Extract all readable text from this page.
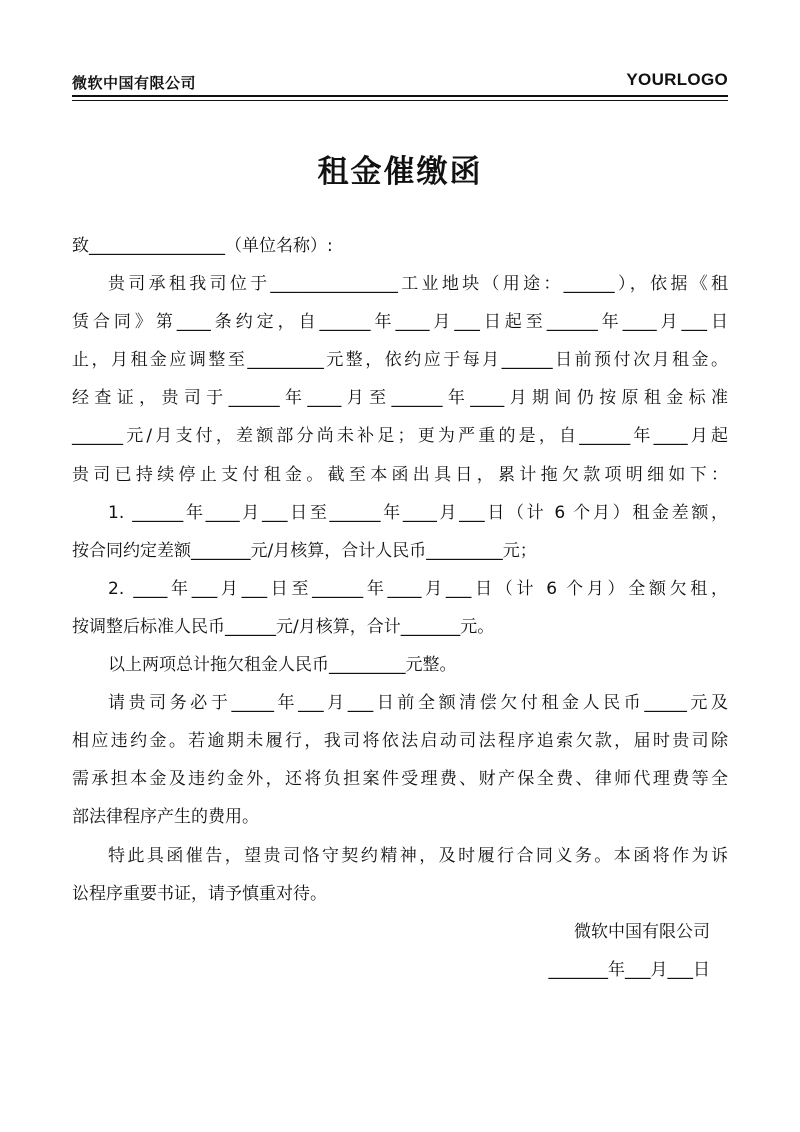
微软中国有限公司	YOURLOGO
租金催缴函
致________________（单位名称）:
贵司承租我司位于_______________工业地块（用途：______），依据《租
赁合同》第____条约定，自______年____月___日起至______年____月___日
止，月租金应调整至_________元整，依约应于每月______日前预付次月租金。
经查证，贵司于______年____月至______年____月期间仍按原租金标准
______元/月支付，差额部分尚未补足；更为严重的是，自______年____月起
贵司已持续停止支付租金。截至本函出具日，累计拖欠款项明细如下：
1. ______年____月___日至______年____月___日（计 6 个月）租金差额，
按合同约定差额_______元/月核算，合计人民币_________元；
2. ____年___月___日至______年____月___日（计 6 个月）全额欠租，
按调整后标准人民币______元/月核算，合计_______元。
以上两项总计拖欠租金人民币_________元整。
请贵司务必于_____年___月___日前全额清偿欠付租金人民币_____元及
相应违约金。若逾期未履行，我司将依法启动司法程序追索欠款，届时贵司除
需承担本金及违约金外，还将负担案件受理费、财产保全费、律师代理费等全
部法律程序产生的费用。
特此具函催告，望贵司恪守契约精神，及时履行合同义务。本函将作为诉
讼程序重要书证，请予慎重对待。
微软中国有限公司
_______年___月___日
